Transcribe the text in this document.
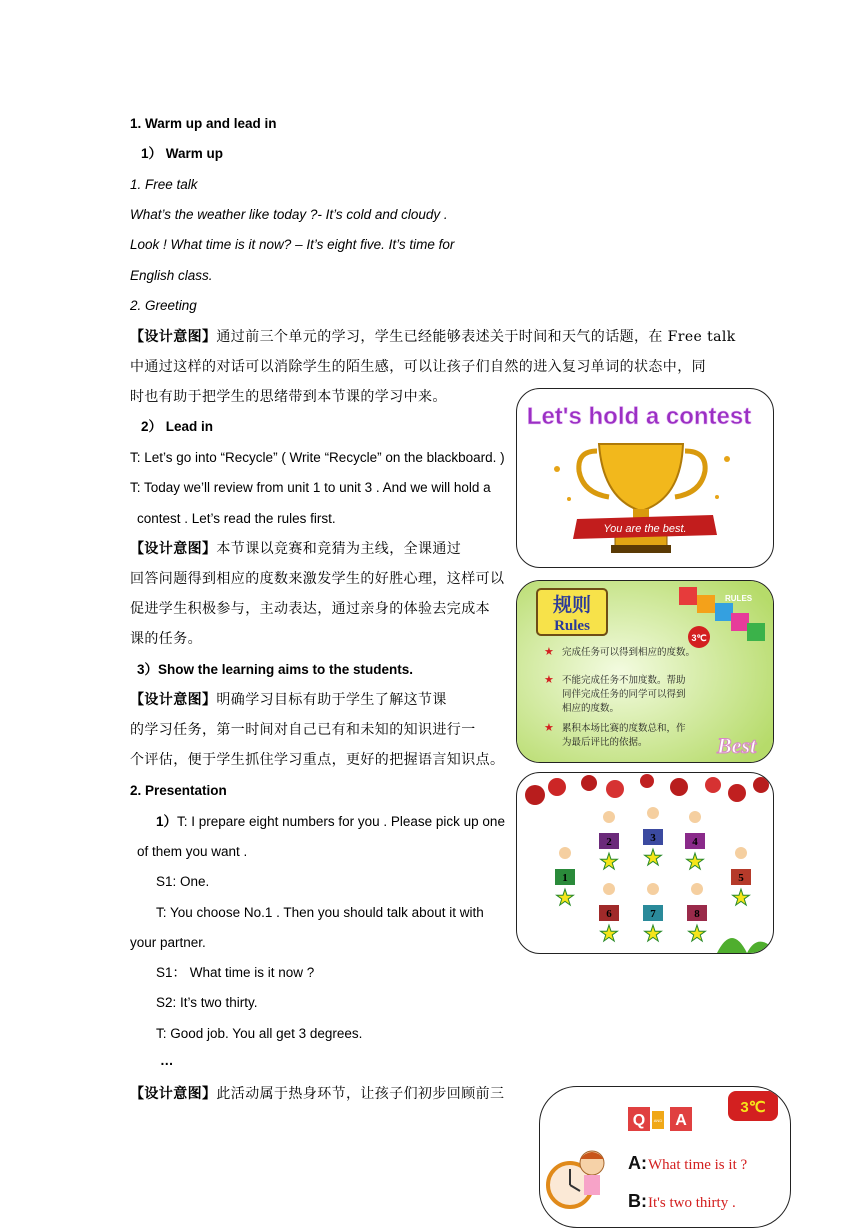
1. Warm up and lead in
1） Warm up
1. Free talk
What’s the weather like today ?- It’s cold and cloudy .
Look ! What time is it now? – It’s eight five. It’s time for
English class.
2. Greeting
【设计意图】通过前三个单元的学习，学生已经能够表述关于时间和天气的话题，在 Free talk
中通过这样的对话可以消除学生的陌生感，可以让孩子们自然的进入复习单词的状态中，同
时也有助于把学生的思绪带到本节课的学习中来。
2） Lead in
T: Let’s go into “Recycle” ( Write “Recycle” on the blackboard. )
T: Today we’ll review from unit 1 to unit 3 . And we will hold a
contest . Let’s read the rules first.
【设计意图】本节课以竞赛和竞猜为主线，全课通过
回答问题得到相应的度数来激发学生的好胜心理，这样可以
促进学生积极参与，主动表达，通过亲身的体验去完成本
课的任务。
3）Show the learning aims to the students.
【设计意图】明确学习目标有助于学生了解这节课
的学习任务，第一时间对自己已有和未知的知识进行一
个评估，便于学生抓住学习重点，更好的把握语言知识点。
2. Presentation
1）T: I prepare eight numbers for you . Please pick up one
of them you want .
S1: One.
T: You choose No.1 . Then you should talk about it with
your partner.
S1： What time is it now ?
S2: It’s two thirty.
T: Good job. You all get 3 degrees.
…
【设计意图】此活动属于热身环节，让孩子们初步回顾前三
Let's hold a contest
You are the best.
规则
Rules
RULES
3℃
★ 完成任务可以得到相应的度数。
★ 不能完成任务不加度数。帮助
同伴完成任务的同学可以得到
相应的度数。
★ 累积本场比赛的度数总和，作
为最后评比的依据。	Best
2
★
3
★
4
★
1
★
5
★
6
★
7
★
8
★
3℃
Q AND A
A: What time is it ?
B: It's two thirty .
